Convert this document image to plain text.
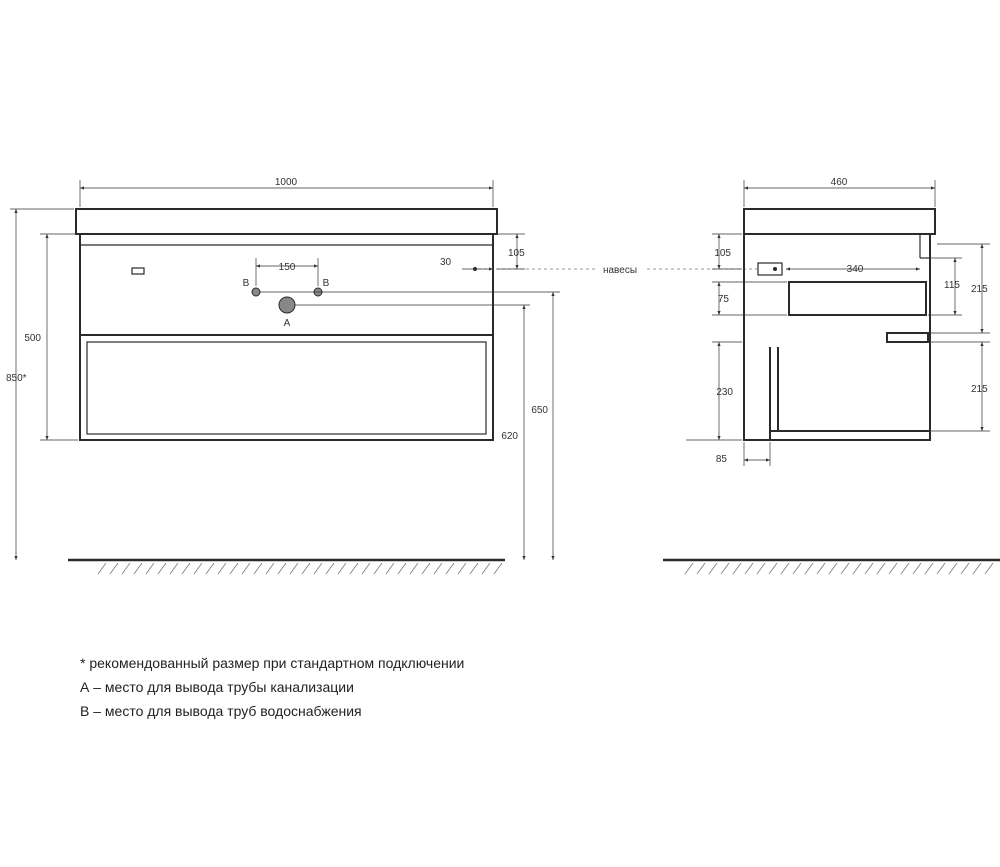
1000
150
105
30
500
850*
620
650
A
B	B
навесы
460
105
340
75
115 215
215
230
85
* рекомендованный размер при стандартном подключении
А – место для вывода трубы канализации
В – место для вывода труб водоснабжения
